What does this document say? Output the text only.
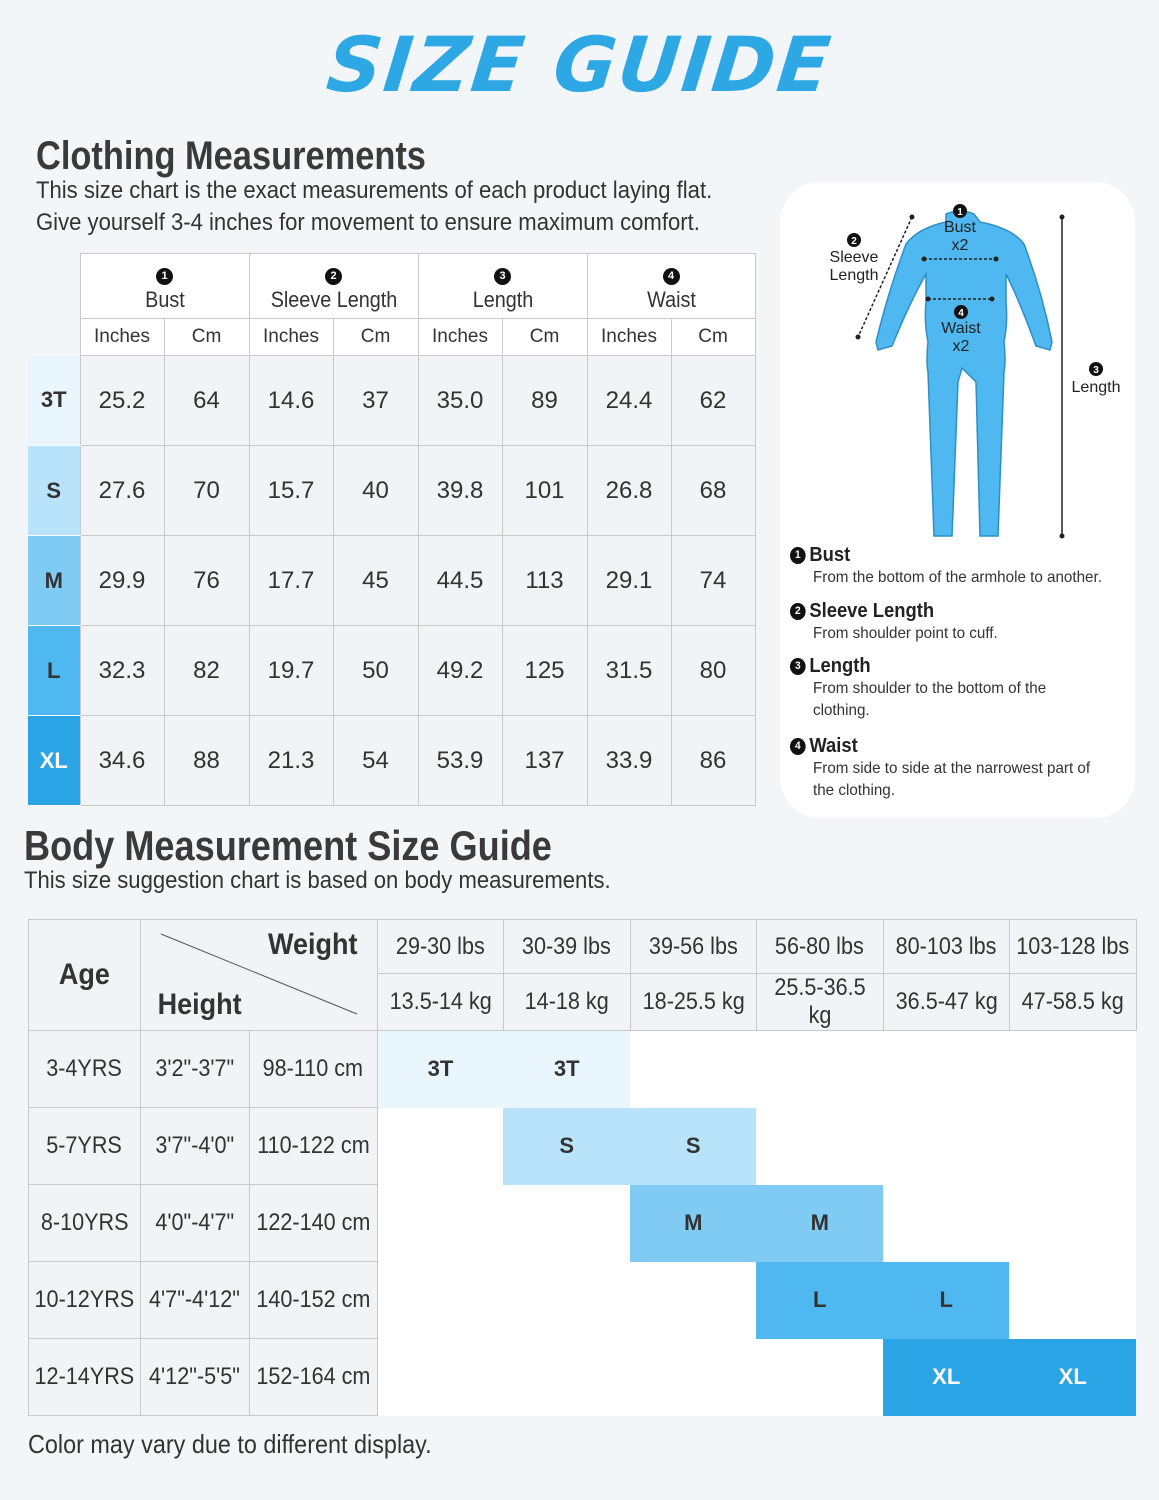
SIZE GUIDE
Clothing Measurements
This size chart is the exact measurements of each product laying flat.
Give yourself 3-4 inches for movement to ensure maximum comfort.
	1
Bust		2
Sleeve Length		3
Length		4
Waist	

	Inches	Cm	Inches	Cm	Inches	Cm	Inches	Cm
3T	25.2	64	14.6	37	35.0	89	24.4	62
S	27.6	70	15.7	40	39.8	101	26.8	68
M	29.9	76	17.7	45	44.5	113	29.1	74
L	32.3	82	19.7	50	49.2	125	31.5	80
XL	34.6	88	21.3	54	53.9	137	33.9	86
1
Bust
x2
2
Sleeve
Length
3
Length
4
Waist
x2
1 Bust
From the bottom of the armhole to another.
2 Sleeve Length
From shoulder point to cuff.
3 Length
From shoulder to the bottom of the
clothing.
4 Waist
From side to side at the narrowest part of
the clothing.
Body Measurement Size Guide
This size suggestion chart is based on body measurements.
Age	Weight
Height		29-30 lbs	30-39 lbs	39-56 lbs	56-80 lbs	80-103 lbs	103-128 lbs
			13.5-14 kg	14-18 kg	18-25.5 kg	25.5-36.5 kg	36.5-47 kg	47-58.5 kg
3-4YRS	3'2"-3'7"	98-110 cm	3T	3T				
5-7YRS	3'7"-4'0"	110-122 cm		S	S			
8-10YRS	4'0"-4'7"	122-140 cm			M	M		
10-12YRS	4'7"-4'12"	140-152 cm				L	L	
12-14YRS	4'12"-5'5"	152-164 cm					XL	XL
Color may vary due to different display.
